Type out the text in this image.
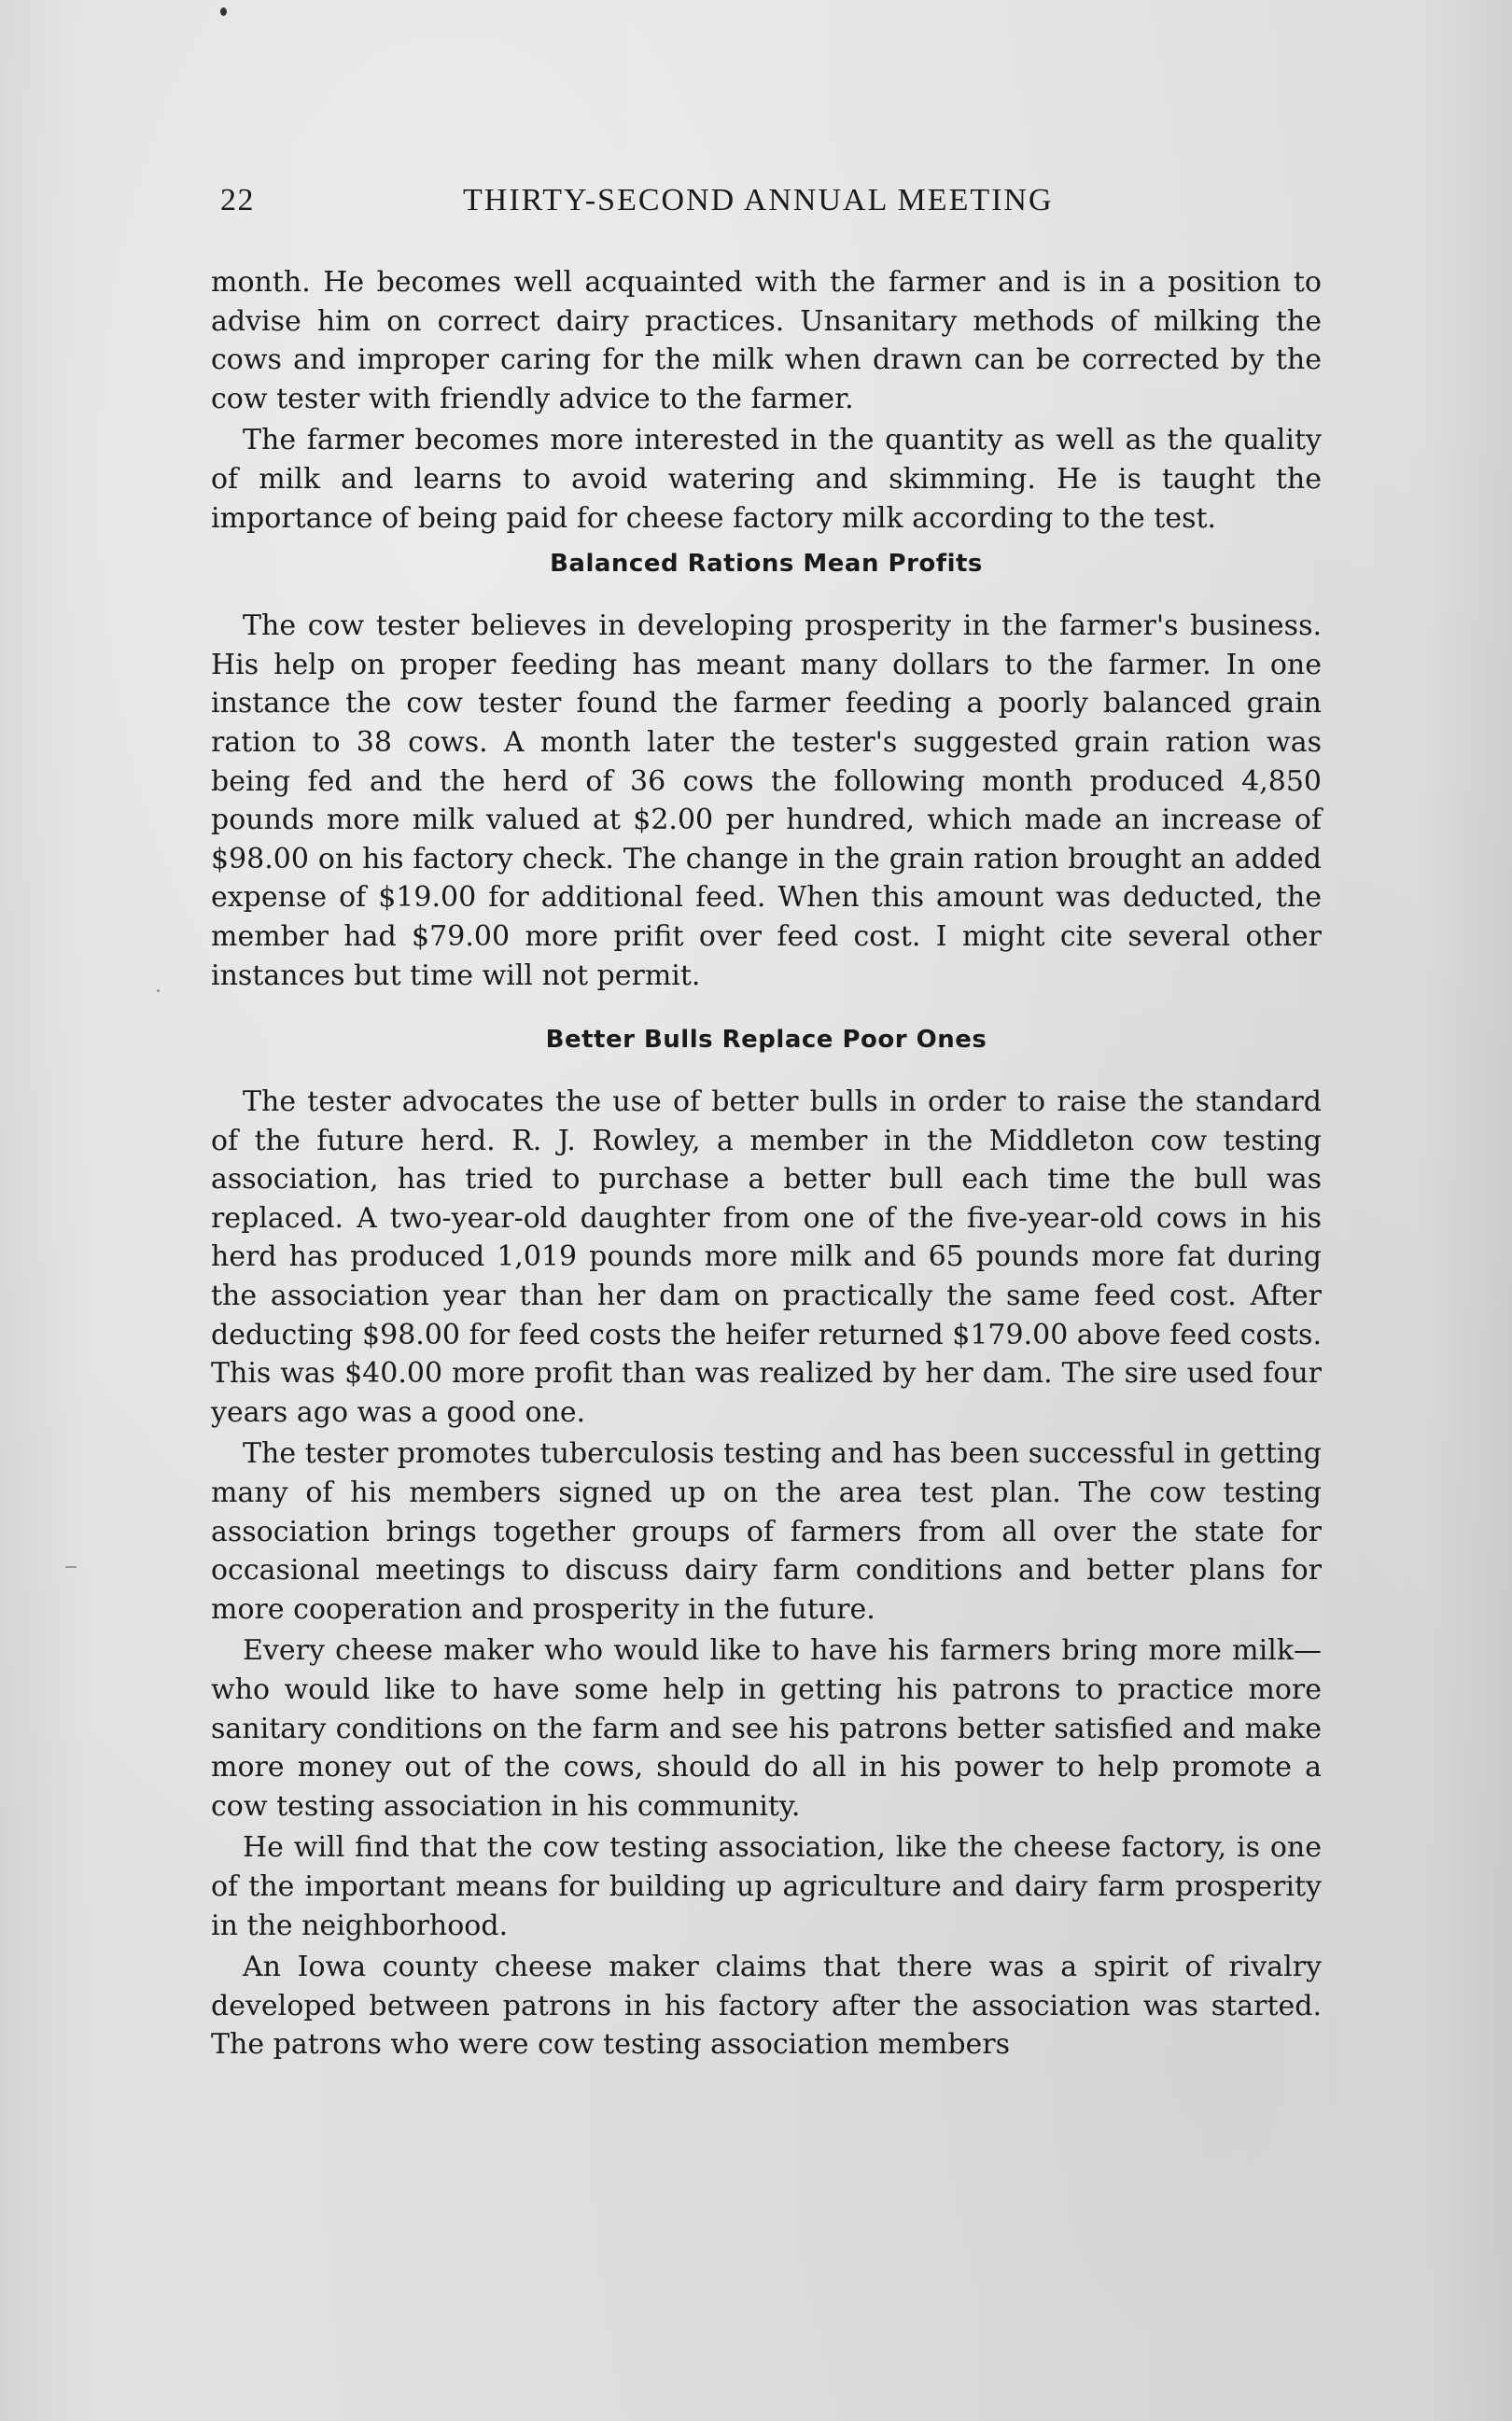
22	THIRTY-SECOND ANNUAL MEETING

month. He becomes well acquainted with the farmer and is in a position to advise him on correct dairy practices. Unsanitary methods of milking the cows and improper caring for the milk when drawn can be corrected by the cow tester with friendly advice to the farmer.

The farmer becomes more interested in the quantity as well as the quality of milk and learns to avoid watering and skimming. He is taught the importance of being paid for cheese factory milk according to the test.

Balanced Rations Mean Profits

The cow tester believes in developing prosperity in the farmer's business. His help on proper feeding has meant many dollars to the farmer. In one instance the cow tester found the farmer feeding a poorly balanced grain ration to 38 cows. A month later the tester's suggested grain ration was being fed and the herd of 36 cows the following month produced 4,850 pounds more milk valued at $2.00 per hundred, which made an increase of $98.00 on his factory check. The change in the grain ration brought an added expense of $19.00 for additional feed. When this amount was deducted, the member had $79.00 more prifit over feed cost. I might cite several other instances but time will not permit.

Better Bulls Replace Poor Ones

The tester advocates the use of better bulls in order to raise the standard of the future herd. R. J. Rowley, a member in the Middleton cow testing association, has tried to purchase a better bull each time the bull was replaced. A two-year-old daughter from one of the five-year-old cows in his herd has produced 1,019 pounds more milk and 65 pounds more fat during the association year than her dam on practically the same feed cost. After deducting $98.00 for feed costs the heifer returned $179.00 above feed costs. This was $40.00 more profit than was realized by her dam. The sire used four years ago was a good one.

The tester promotes tuberculosis testing and has been successful in getting many of his members signed up on the area test plan. The cow testing association brings together groups of farmers from all over the state for occasional meetings to discuss dairy farm conditions and better plans for more cooperation and prosperity in the future.

Every cheese maker who would like to have his farmers bring more milk—who would like to have some help in getting his patrons to practice more sanitary conditions on the farm and see his patrons better satisfied and make more money out of the cows, should do all in his power to help promote a cow testing association in his community.

He will find that the cow testing association, like the cheese factory, is one of the important means for building up agriculture and dairy farm prosperity in the neighborhood.

An Iowa county cheese maker claims that there was a spirit of rivalry developed between patrons in his factory after the association was started. The patrons who were cow testing association members
